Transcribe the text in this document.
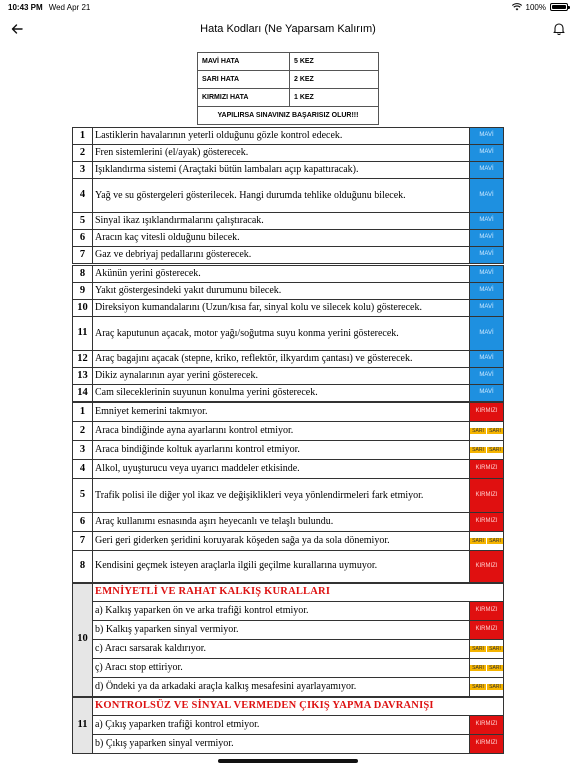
10:43 PM Wed Apr 21	100%
Hata Kodları (Ne Yaparsam Kalırım)
MAVİ HATA	5 KEZ
SARI HATA	2 KEZ
KIRMIZI HATA	1 KEZ
YAPILIRSA SINAVINIZ BAŞARISIZ OLUR!!!	
1	Lastiklerin havalarının yeterli olduğunu gözle kontrol edecek.	MAVİ
2	Fren sistemlerini (el/ayak) gösterecek.	MAVİ
3	Işıklandırma sistemi (Araçtaki bütün lambaları açıp kapattıracak).	MAVİ
4	Yağ ve su göstergeleri gösterilecek. Hangi durumda tehlike olduğunu bilecek.	MAVİ
5	Sinyal ikaz ışıklandırmalarını çalıştıracak.	MAVİ
6	Aracın kaç vitesli olduğunu bilecek.	MAVİ
7	Gaz ve debriyaj pedallarını gösterecek.	MAVİ
8	Akünün yerini gösterecek.	MAVİ
9	Yakıt göstergesindeki yakıt durumunu bilecek.	MAVİ
10	Direksiyon kumandalarını (Uzun/kısa far, sinyal kolu ve silecek kolu) gösterecek.	MAVİ
11	Araç kaputunun açacak, motor yağı/soğutma suyu konma yerini gösterecek.	MAVİ
12	Araç bagajını açacak (stepne, kriko, reflektör, ilkyardım çantası) ve gösterecek.	MAVİ
13	Dikiz aynalarının ayar yerini gösterecek.	MAVİ
14	Cam sileceklerinin suyunun konulma yerini gösterecek.	MAVİ
1	Emniyet kemerini takmıyor.	KIRMIZI
2	Araca bindiğinde ayna ayarlarını kontrol etmiyor.	SARI SARI

3	Araca bindiğinde koltuk ayarlarını kontrol etmiyor.	SARI SARI

4	Alkol, uyuşturucu veya uyarıcı maddeler etkisinde.	KIRMIZI
5	Trafik polisi ile diğer yol ikaz ve değişiklikleri veya yönlendirmeleri fark etmiyor.	KIRMIZI
6	Araç kullanımı esnasında aşırı heyecanlı ve telaşlı bulundu.	KIRMIZI
7	Geri geri giderken şeridini koruyarak köşeden sağa ya da sola dönemiyor.	SARI SARI

8	Kendisini geçmek isteyen araçlarla ilgili geçilme kurallarına uymuyor.	KIRMIZI
10	EMNİYETLİ VE RAHAT KALKIŞ KURALLARI	
	a) Kalkış yaparken ön ve arka trafiği kontrol etmiyor.	KIRMIZI
	b) Kalkış yaparken sinyal vermiyor.	KIRMIZI
	c) Aracı sarsarak kaldırıyor.	SARI SARI

	ç) Aracı stop ettiriyor.	SARI SARI

	d) Öndeki ya da arkadaki araçla kalkış mesafesini ayarlayamıyor.	SARI SARI

11	KONTROLSÜZ VE SİNYAL VERMEDEN ÇIKIŞ YAPMA DAVRANIŞI	
	a) Çıkış yaparken trafiği kontrol etmiyor.	KIRMIZI
	b) Çıkış yaparken sinyal vermiyor.	KIRMIZI
